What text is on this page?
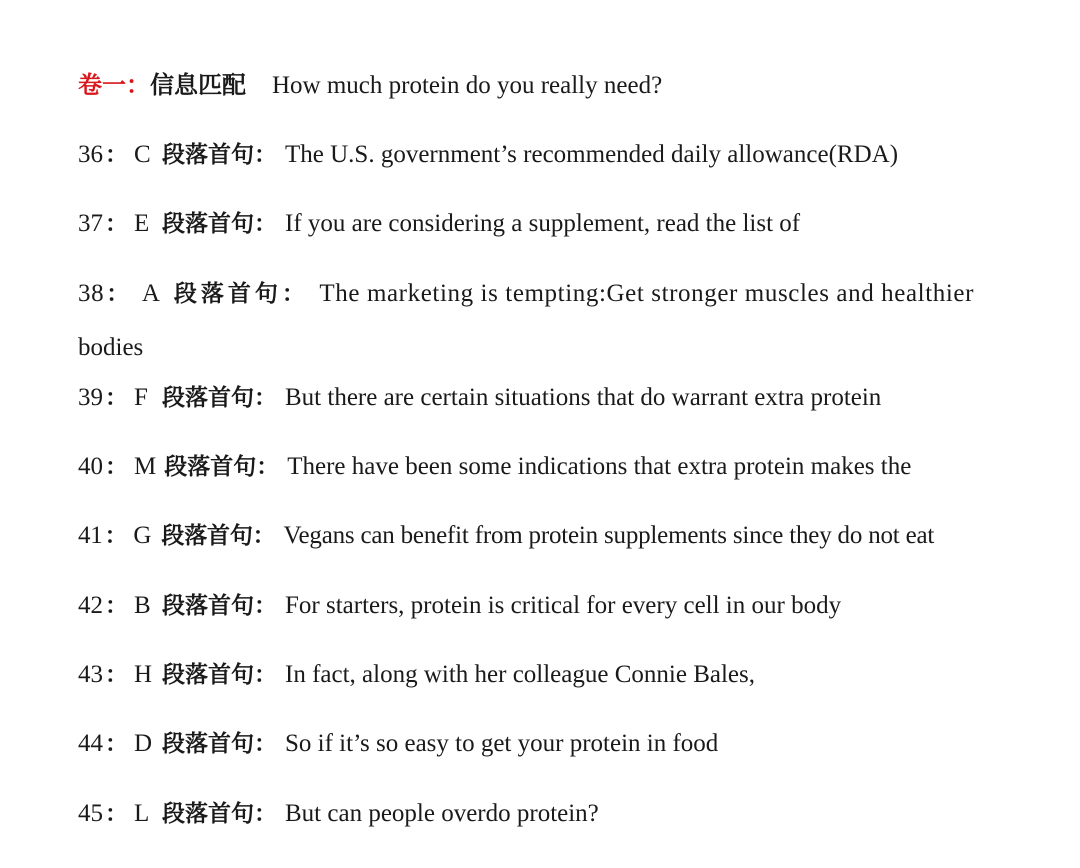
卷一：信息匹配 How much protein do you really need?
36： C 段落首句： The U.S. government’s recommended daily allowance(RDA)
37： E 段落首句： If you are considering a supplement, read the list of
38： A 段落首句： The marketing is tempting:Get stronger muscles and healthier
bodies
39： F 段落首句： But there are certain situations that do warrant extra protein
40： M 段落首句： There have been some indications that extra protein makes the
41： G 段落首句： Vegans can benefit from protein supplements since they do not eat
42： B 段落首句： For starters, protein is critical for every cell in our body
43： H 段落首句： In fact, along with her colleague Connie Bales,
44： D 段落首句： So if it’s so easy to get your protein in food
45： L 段落首句： But can people overdo protein?
